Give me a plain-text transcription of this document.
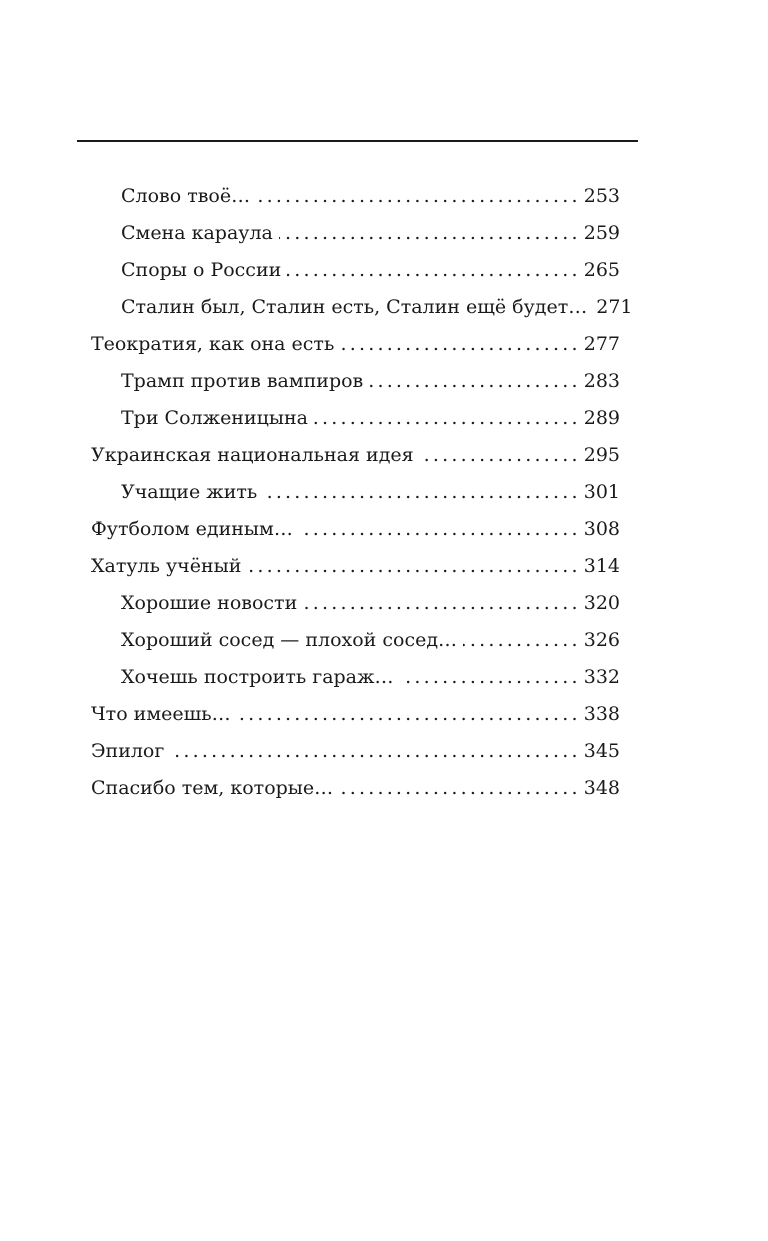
Слово твоё… .....	253
Смена караула .....	259
Споры о России .....	265
Сталин был, Сталин есть, Сталин ещё будет… 271
Теократия, как она есть .....	277
Трамп против вампиров .....	283
Три Солженицына .....	289
Украинская национальная идея .....	295
Учащие жить .....	301
Футболом единым… .....	308
Хатуль учёный .....	314
Хорошие новости .....	320
Хороший сосед — плохой сосед… .....	326
Хочешь построить гараж… .....	332
Что имеешь… .....	338
Эпилог .....	345
Спасибо тем, которые… .....	348
